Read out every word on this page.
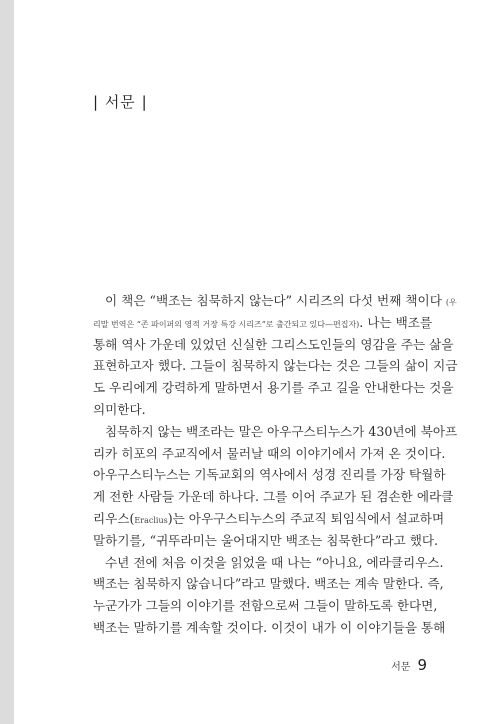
| 서문 |
이 책은 “백조는 침묵하지 않는다” 시리즈의 다섯 번째 책이다 (우
리말 번역은 “존 파이퍼의 영적 거장 특강 시리즈”로 출간되고 있다—편집자). 나는 백조를
통해 역사 가운데 있었던 신실한 그리스도인들의 영감을 주는 삶을
표현하고자 했다. 그들이 침묵하지 않는다는 것은 그들의 삶이 지금
도 우리에게 강력하게 말하면서 용기를 주고 길을 안내한다는 것을
의미한다.
침묵하지 않는 백조라는 말은 아우구스티누스가 430년에 북아프
리카 히포의 주교직에서 물러날 때의 이야기에서 가져 온 것이다.
아우구스티누스는 기독교회의 역사에서 성경 진리를 가장 탁월하
게 전한 사람들 가운데 하나다. 그를 이어 주교가 된 겸손한 에라클
리우스(Eraclius)는 아우구스티누스의 주교직 퇴임식에서 설교하며
말하기를, “귀뚜라미는 울어대지만 백조는 침묵한다”라고 했다.
수년 전에 처음 이것을 읽었을 때 나는 “아니요, 에라클리우스.
백조는 침묵하지 않습니다”라고 말했다. 백조는 계속 말한다. 즉,
누군가가 그들의 이야기를 전함으로써 그들이 말하도록 한다면,
백조는 말하기를 계속할 것이다. 이것이 내가 이 이야기들을 통해
서문 9
